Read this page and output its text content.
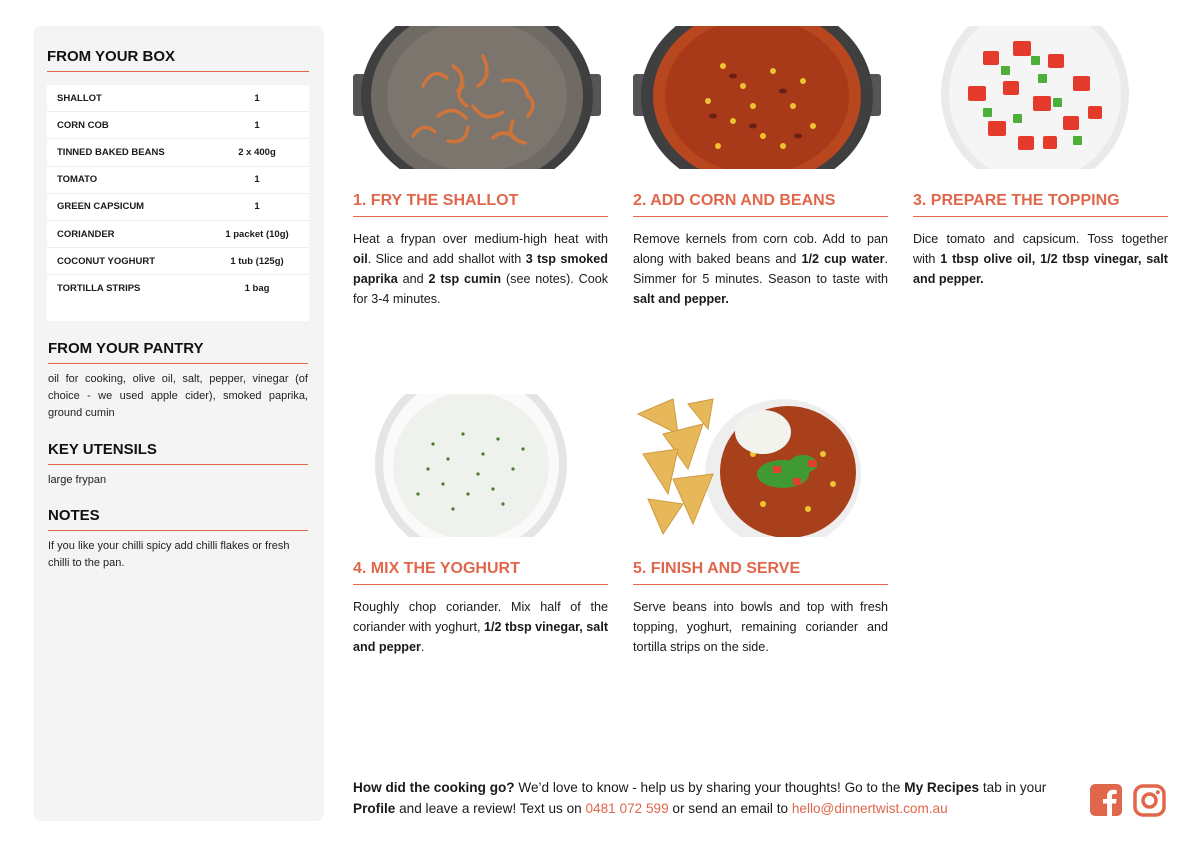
FROM YOUR BOX
SHALLOT	1
CORN COB	1
TINNED BAKED BEANS	2 x 400g
TOMATO	1
GREEN CAPSICUM	1
CORIANDER	1 packet (10g)
COCONUT YOGHURT	1 tub (125g)
TORTILLA STRIPS	1 bag
FROM YOUR PANTRY
oil for cooking, olive oil, salt, pepper, vinegar (of choice - we used apple cider), smoked paprika, ground cumin
KEY UTENSILS
large frypan
NOTES
If you like your chilli spicy add chilli flakes or fresh chilli to the pan.
1. FRY THE SHALLOT
Heat a frypan over medium-high heat with oil. Slice and add shallot with 3 tsp smoked paprika and 2 tsp cumin (see notes). Cook for 3-4 minutes.
2. ADD CORN AND BEANS
Remove kernels from corn cob. Add to pan along with baked beans and 1/2 cup water. Simmer for 5 minutes. Season to taste with salt and pepper.
3. PREPARE THE TOPPING
Dice tomato and capsicum. Toss together with 1 tbsp olive oil, 1/2 tbsp vinegar, salt and pepper.
4. MIX THE YOGHURT
Roughly chop coriander. Mix half of the coriander with yoghurt, 1/2 tbsp vinegar, salt and pepper.
5. FINISH AND SERVE
Serve beans into bowls and top with fresh topping, yoghurt, remaining coriander and tortilla strips on the side.
How did the cooking go? We’d love to know - help us by sharing your thoughts! Go to the My Recipes tab in your Profile and leave a review! Text us on 0481 072 599 or send an email to hello@dinnertwist.com.au
